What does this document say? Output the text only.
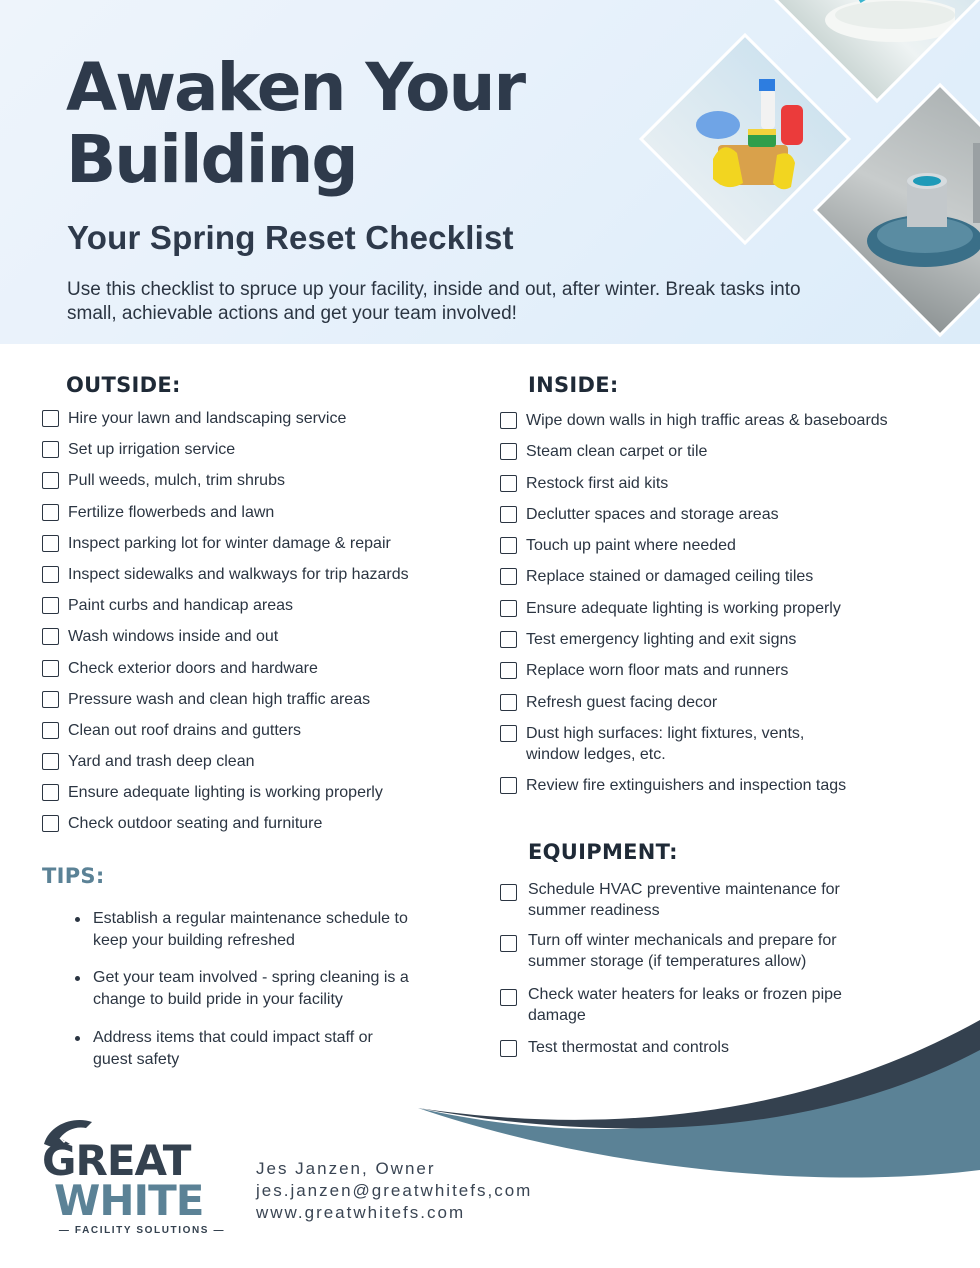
Awaken Your Building
Your Spring Reset Checklist

Use this checklist to spruce up your facility, inside and out, after winter. Break tasks into small, achievable actions and get your team involved!

OUTSIDE:
Hire your lawn and landscaping service
Set up irrigation service
Pull weeds, mulch, trim shrubs
Fertilize flowerbeds and lawn
Inspect parking lot for winter damage & repair
Inspect sidewalks and walkways for trip hazards
Paint curbs and handicap areas
Wash windows inside and out
Check exterior doors and hardware
Pressure wash and clean high traffic areas
Clean out roof drains and gutters
Yard and trash deep clean
Ensure adequate lighting is working properly
Check outdoor seating and furniture
INSIDE:
Wipe down walls in high traffic areas & baseboards
Steam clean carpet or tile
Restock first aid kits
Declutter spaces and storage areas
Touch up paint where needed
Replace stained or damaged ceiling tiles
Ensure adequate lighting is working properly
Test emergency lighting and exit signs
Replace worn floor mats and runners
Refresh guest facing decor
Dust high surfaces: light fixtures, vents, window ledges, etc.
Review fire extinguishers and inspection tags
TIPS:
Establish a regular maintenance schedule to keep your building refreshed
Get your team involved - spring cleaning is a change to build pride in your facility
Address items that could impact staff or guest safety
EQUIPMENT:
Schedule HVAC preventive maintenance for summer readiness
Turn off winter mechanicals and prepare for summer storage (if temperatures allow)
Check water heaters for leaks or frozen pipe damage
Test thermostat and controls
GREAT
WHITE
— FACILITY SOLUTIONS —
Jes Janzen, Owner
jes.janzen@greatwhitefs,com
www.greatwhitefs.com
